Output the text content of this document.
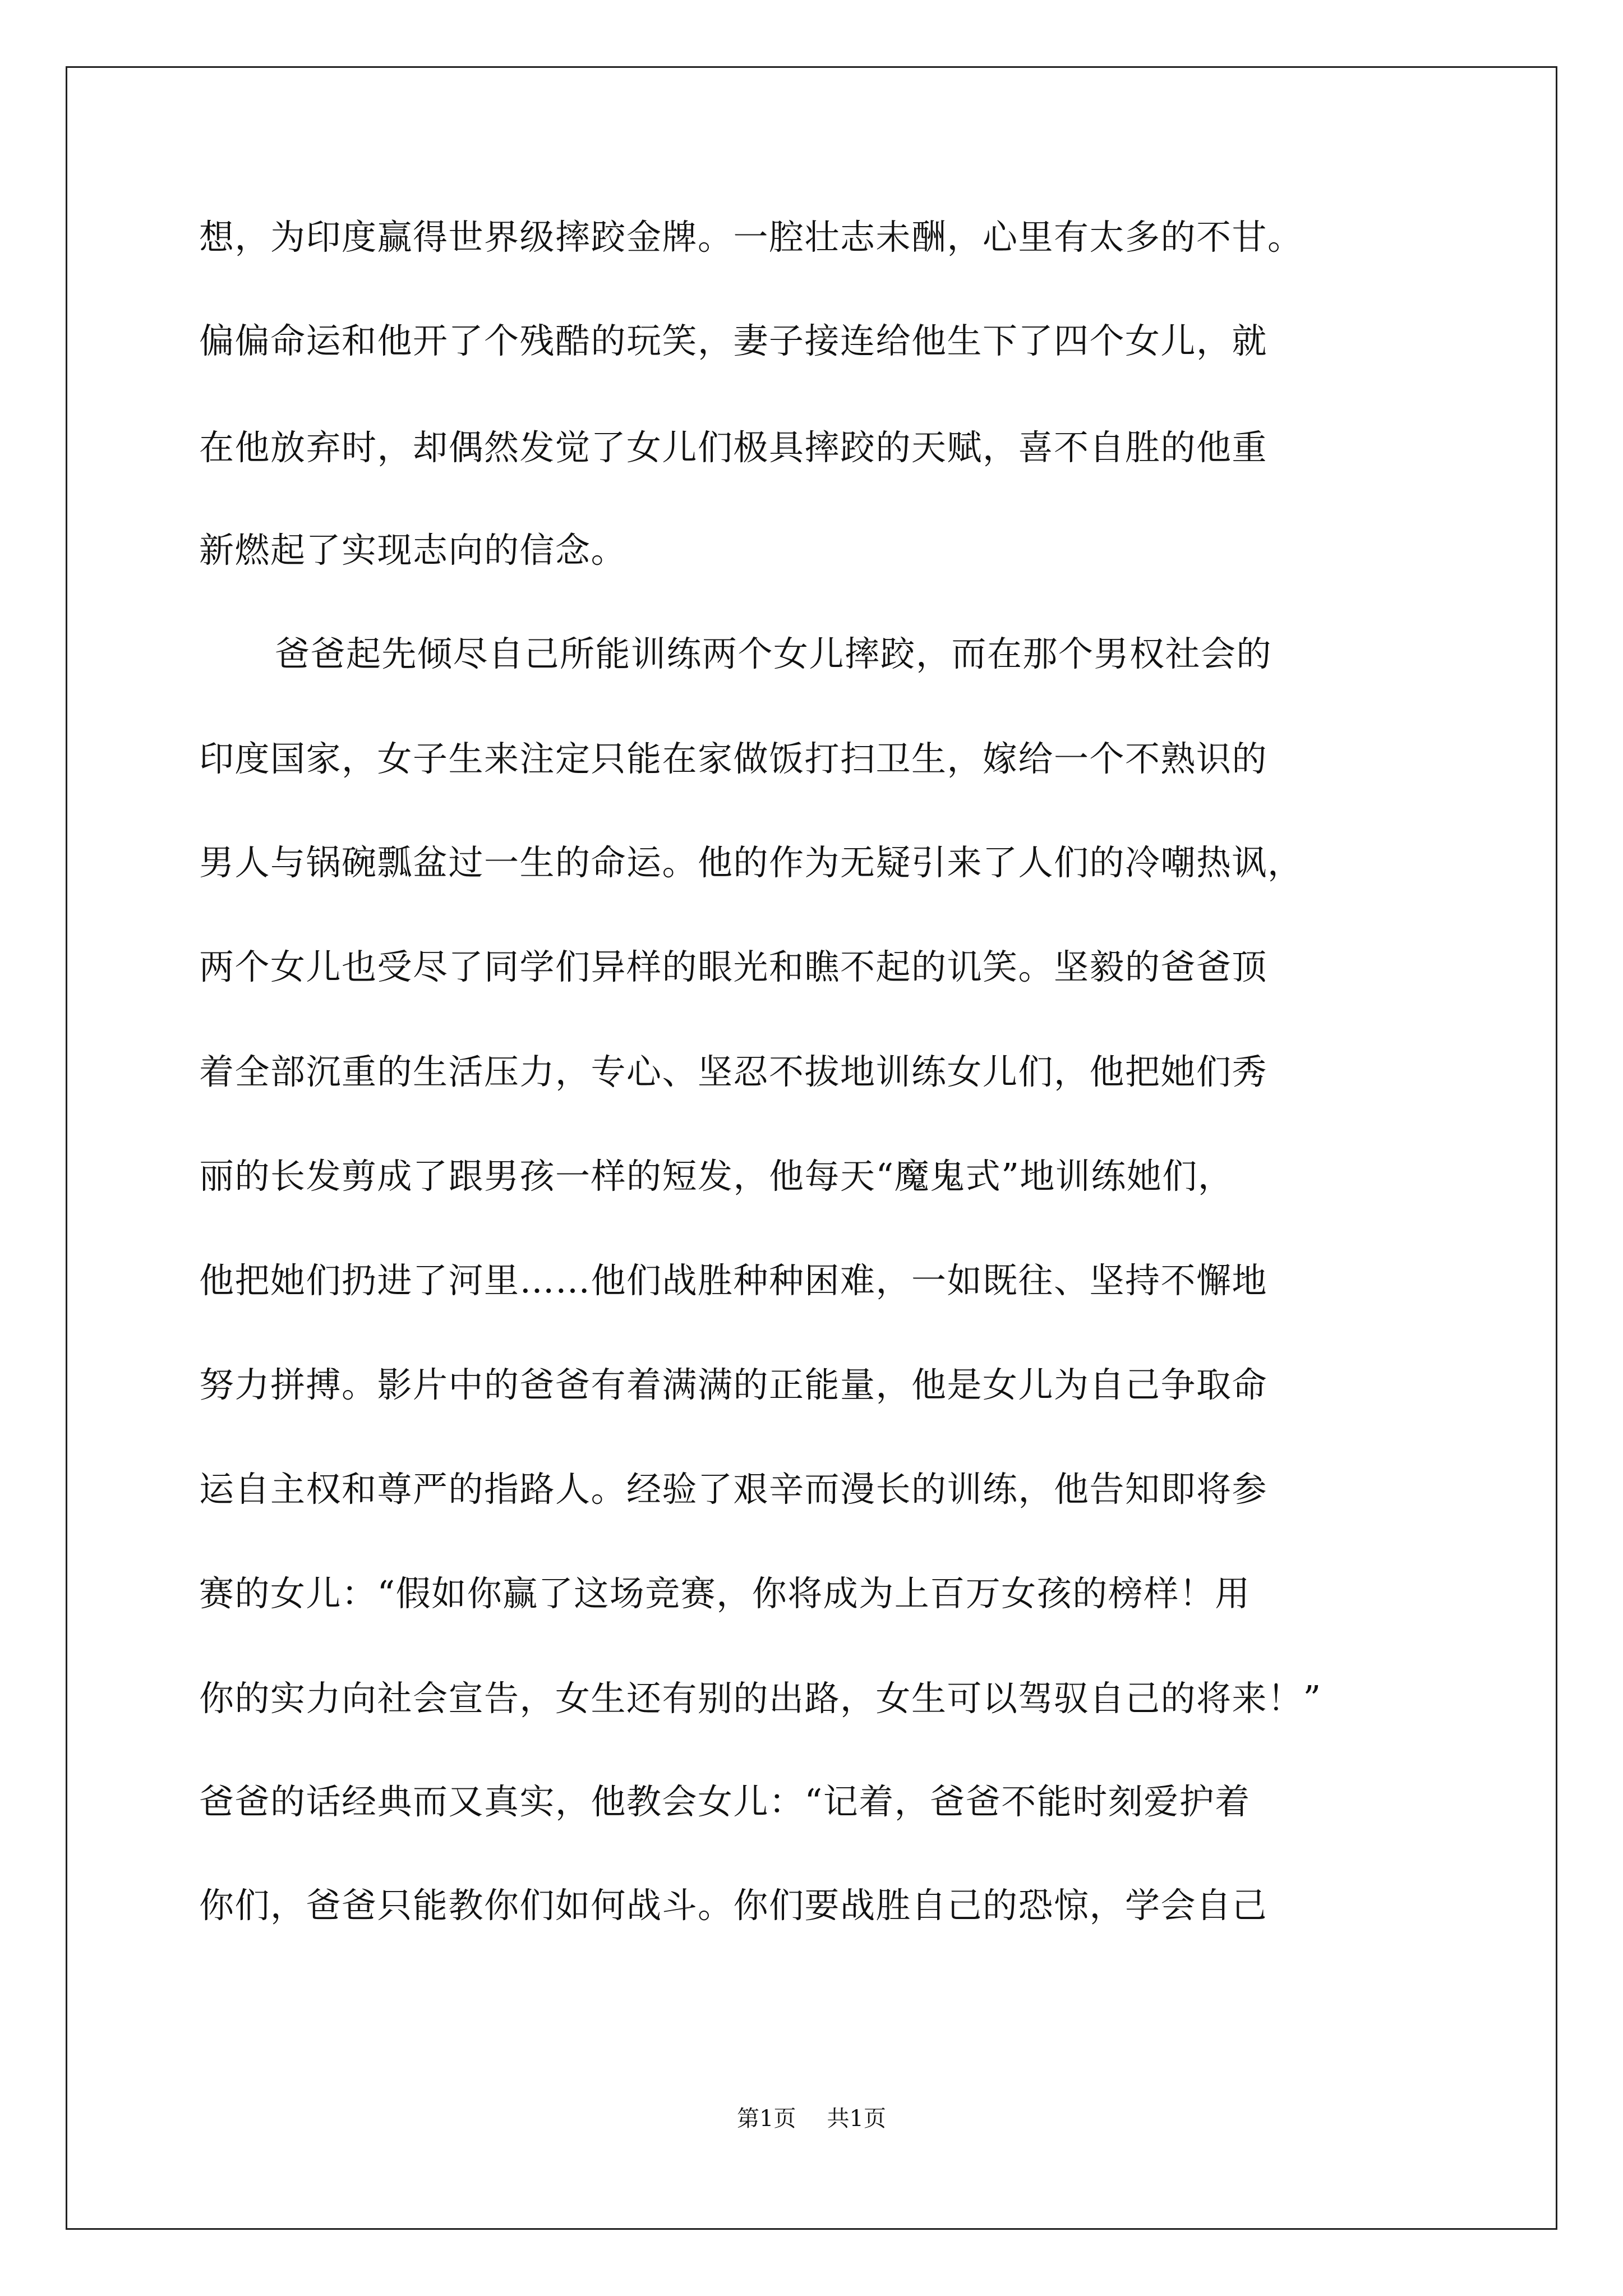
想，为印度赢得世界级摔跤金牌。一腔壮志未酬，心里有太多的不甘。
偏偏命运和他开了个残酷的玩笑，妻子接连给他生下了四个女儿，就
在他放弃时，却偶然发觉了女儿们极具摔跤的天赋，喜不自胜的他重
新燃起了实现志向的信念。
爸爸起先倾尽自己所能训练两个女儿摔跤，而在那个男权社会的
印度国家，女子生来注定只能在家做饭打扫卫生，嫁给一个不熟识的
男人与锅碗瓢盆过一生的命运。他的作为无疑引来了人们的冷嘲热讽，
两个女儿也受尽了同学们异样的眼光和瞧不起的讥笑。坚毅的爸爸顶
着全部沉重的生活压力，专心、坚忍不拔地训练女儿们，他把她们秀
丽的长发剪成了跟男孩一样的短发，他每天“魔鬼式”地训练她们，
他把她们扔进了河里……他们战胜种种困难，一如既往、坚持不懈地
努力拼搏。影片中的爸爸有着满满的正能量，他是女儿为自己争取命
运自主权和尊严的指路人。经验了艰辛而漫长的训练，他告知即将参
赛的女儿：“假如你赢了这场竞赛，你将成为上百万女孩的榜样！用
你的实力向社会宣告，女生还有别的出路，女生可以驾驭自己的将来！”
爸爸的话经典而又真实，他教会女儿：“记着，爸爸不能时刻爱护着
你们，爸爸只能教你们如何战斗。你们要战胜自己的恐惊，学会自己
第1页 共1页
